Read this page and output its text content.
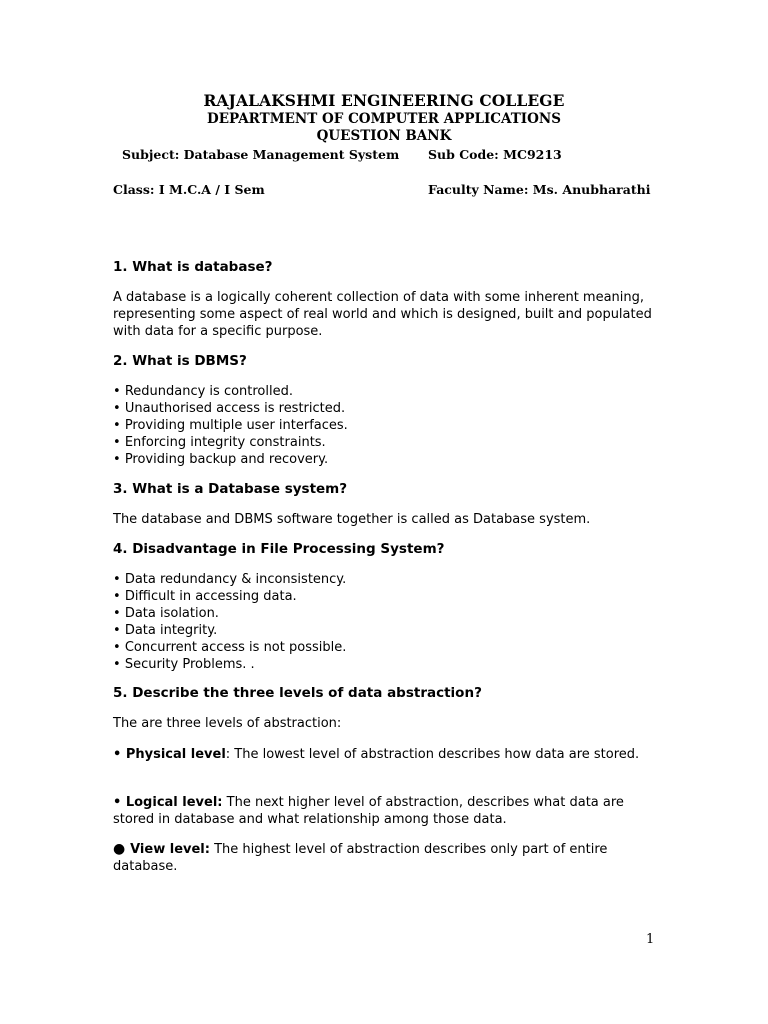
RAJALAKSHMI ENGINEERING COLLEGE

DEPARTMENT OF COMPUTER APPLICATIONS

QUESTION BANK

Subject: Database Management System Sub Code: MC9213

Class: I M.C.A / I Sem	Faculty Name: Ms. Anubharathi

1. What is database?

A database is a logically coherent collection of data with some inherent meaning, representing some aspect of real world and which is designed, built and populated with data for a specific purpose.

2. What is DBMS?

• Redundancy is controlled.
• Unauthorised access is restricted.
• Providing multiple user interfaces.
• Enforcing integrity constraints.
• Providing backup and recovery.

3. What is a Database system?

The database and DBMS software together is called as Database system.

4. Disadvantage in File Processing System?

• Data redundancy & inconsistency.
• Difficult in accessing data.
• Data isolation.
• Data integrity.
• Concurrent access is not possible.
• Security Problems. .

5. Describe the three levels of data abstraction?

The are three levels of abstraction:

• Physical level: The lowest level of abstraction describes how data are stored.

• Logical level: The next higher level of abstraction, describes what data are stored in database and what relationship among those data.

● View level: The highest level of abstraction describes only part of entire database.

1
